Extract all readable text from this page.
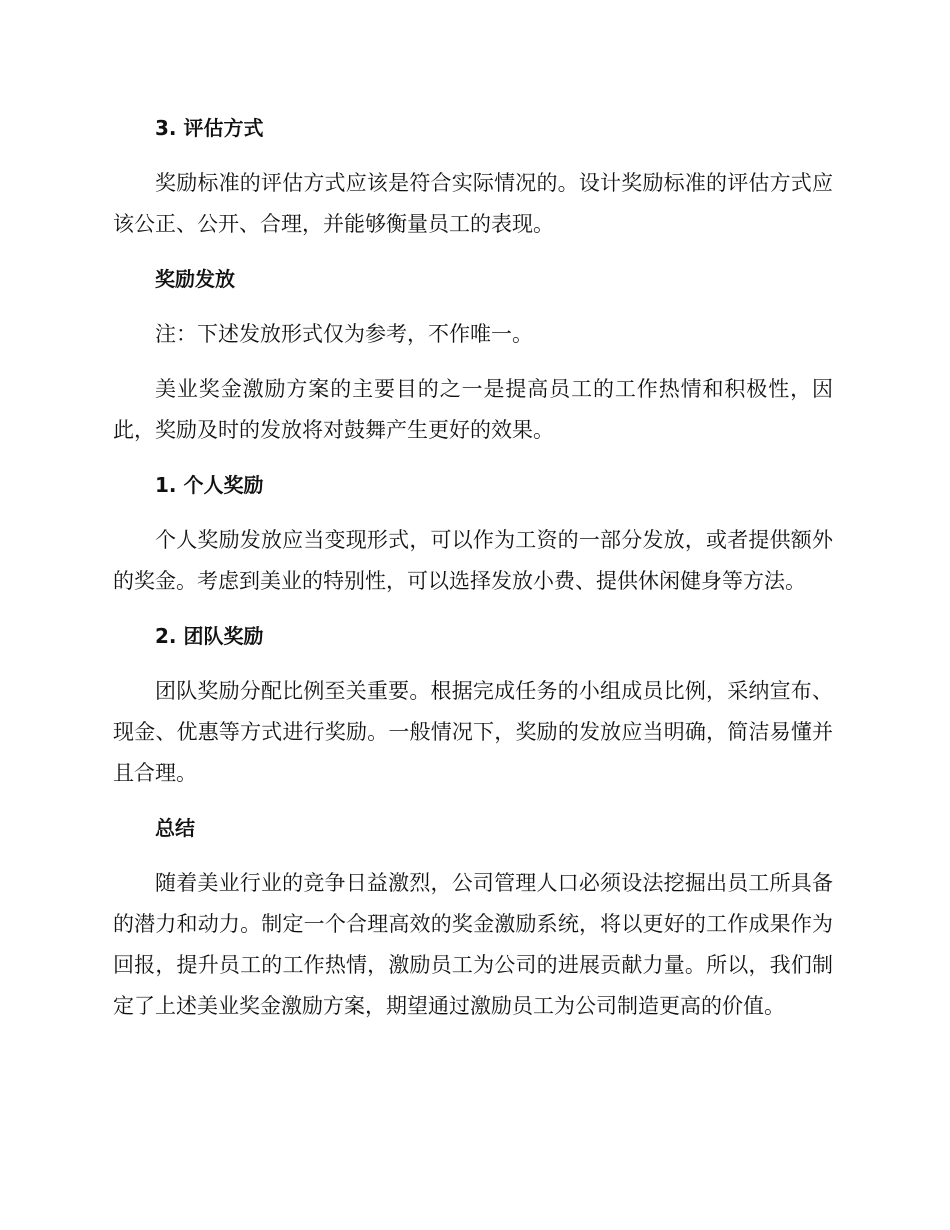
3. 评估方式

奖励标准的评估方式应该是符合实际情况的。设计奖励标准的评估方式应该公正、公开、合理，并能够衡量员工的表现。

奖励发放

注：下述发放形式仅为参考，不作唯一。

美业奖金激励方案的主要目的之一是提高员工的工作热情和积极性，因此，奖励及时的发放将对鼓舞产生更好的效果。

1. 个人奖励

个人奖励发放应当变现形式，可以作为工资的一部分发放，或者提供额外的奖金。考虑到美业的特别性，可以选择发放小费、提供休闲健身等方法。

2. 团队奖励

团队奖励分配比例至关重要。根据完成任务的小组成员比例，采纳宣布、现金、优惠等方式进行奖励。一般情况下，奖励的发放应当明确，简洁易懂并且合理。

总结

随着美业行业的竞争日益激烈，公司管理人口必须设法挖掘出员工所具备的潜力和动力。制定一个合理高效的奖金激励系统，将以更好的工作成果作为回报，提升员工的工作热情，激励员工为公司的进展贡献力量。所以，我们制定了上述美业奖金激励方案，期望通过激励员工为公司制造更高的价值。
